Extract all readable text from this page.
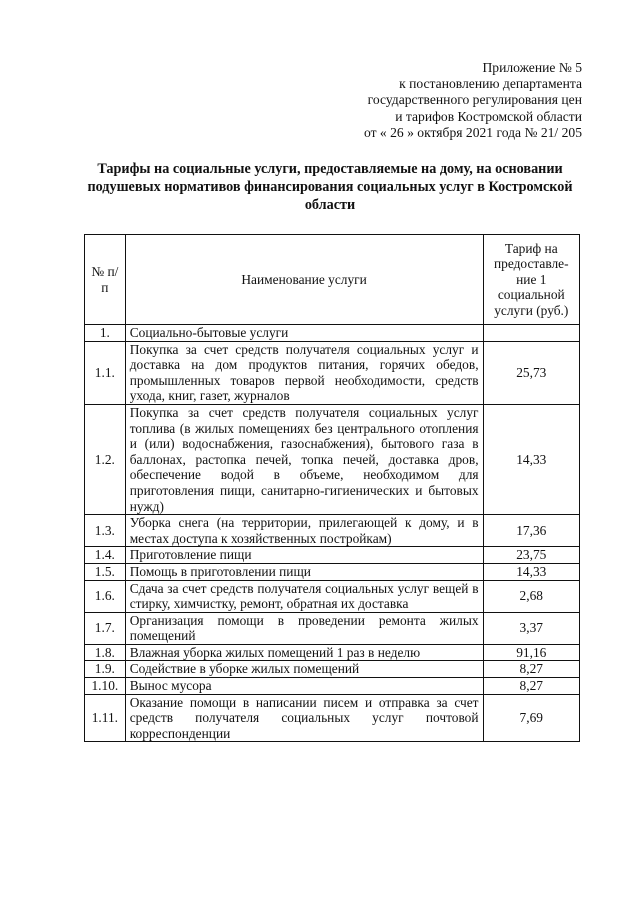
Приложение № 5
к постановлению департамента
государственного регулирования цен
и тарифов Костромской области
от « 26 » октября 2021 года № 21/ 205
Тарифы на социальные услуги, предоставляемые на дому, на основании подушевых нормативов финансирования социальных услуг в Костромской области
№ п/п	Наименование услуги	Тариф на предоставле-ние 1 социальной услуги (руб.)
1.	Социально-бытовые услуги	
1.1.	Покупка за счет средств получателя социальных услуг и доставка на дом продуктов питания, горячих обедов, промышленных товаров первой необходимости, средств ухода, книг, газет, журналов	25,73
1.2.	Покупка за счет средств получателя социальных услуг топлива (в жилых помещениях без центрального отопления и (или) водоснабжения, газоснабжения), бытового газа в баллонах, растопка печей, топка печей, доставка дров, обеспечение водой в объеме, необходимом для приготовления пищи, санитарно-гигиенических и бытовых нужд)	14,33
1.3.	Уборка снега (на территории, прилегающей к дому, и в местах доступа к хозяйственных постройкам)	17,36
1.4.	Приготовление пищи	23,75
1.5.	Помощь в приготовлении пищи	14,33
1.6.	Сдача за счет средств получателя социальных услуг вещей в стирку, химчистку, ремонт, обратная их доставка	2,68
1.7.	Организация помощи в проведении ремонта жилых помещений	3,37
1.8.	Влажная уборка жилых помещений 1 раз в неделю	91,16
1.9.	Содействие в уборке жилых помещений	8,27
1.10.	Вынос мусора	8,27
1.11.	Оказание помощи в написании писем и отправка за счет средств получателя социальных услуг почтовой корреспонденции	7,69
